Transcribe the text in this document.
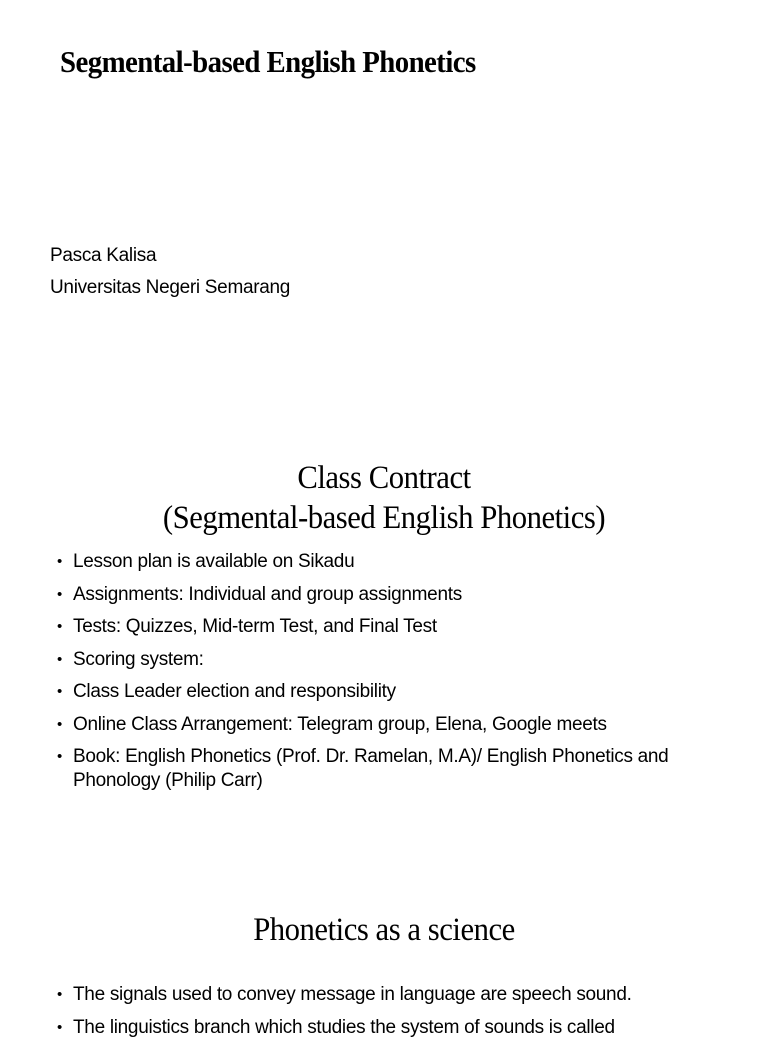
Segmental-based English Phonetics
Pasca Kalisa
Universitas Negeri Semarang
Class Contract
(Segmental-based English Phonetics)
• Lesson plan is available on Sikadu
• Assignments: Individual and group assignments
• Tests: Quizzes, Mid-term Test, and Final Test
• Scoring system:
• Class Leader election and responsibility
• Online Class Arrangement: Telegram group, Elena, Google meets
• Book: English Phonetics (Prof. Dr. Ramelan, M.A)/ English Phonetics and Phonology (Philip Carr)
Phonetics as a science
• The signals used to convey message in language are speech sound.
• The linguistics branch which studies the system of sounds is called
